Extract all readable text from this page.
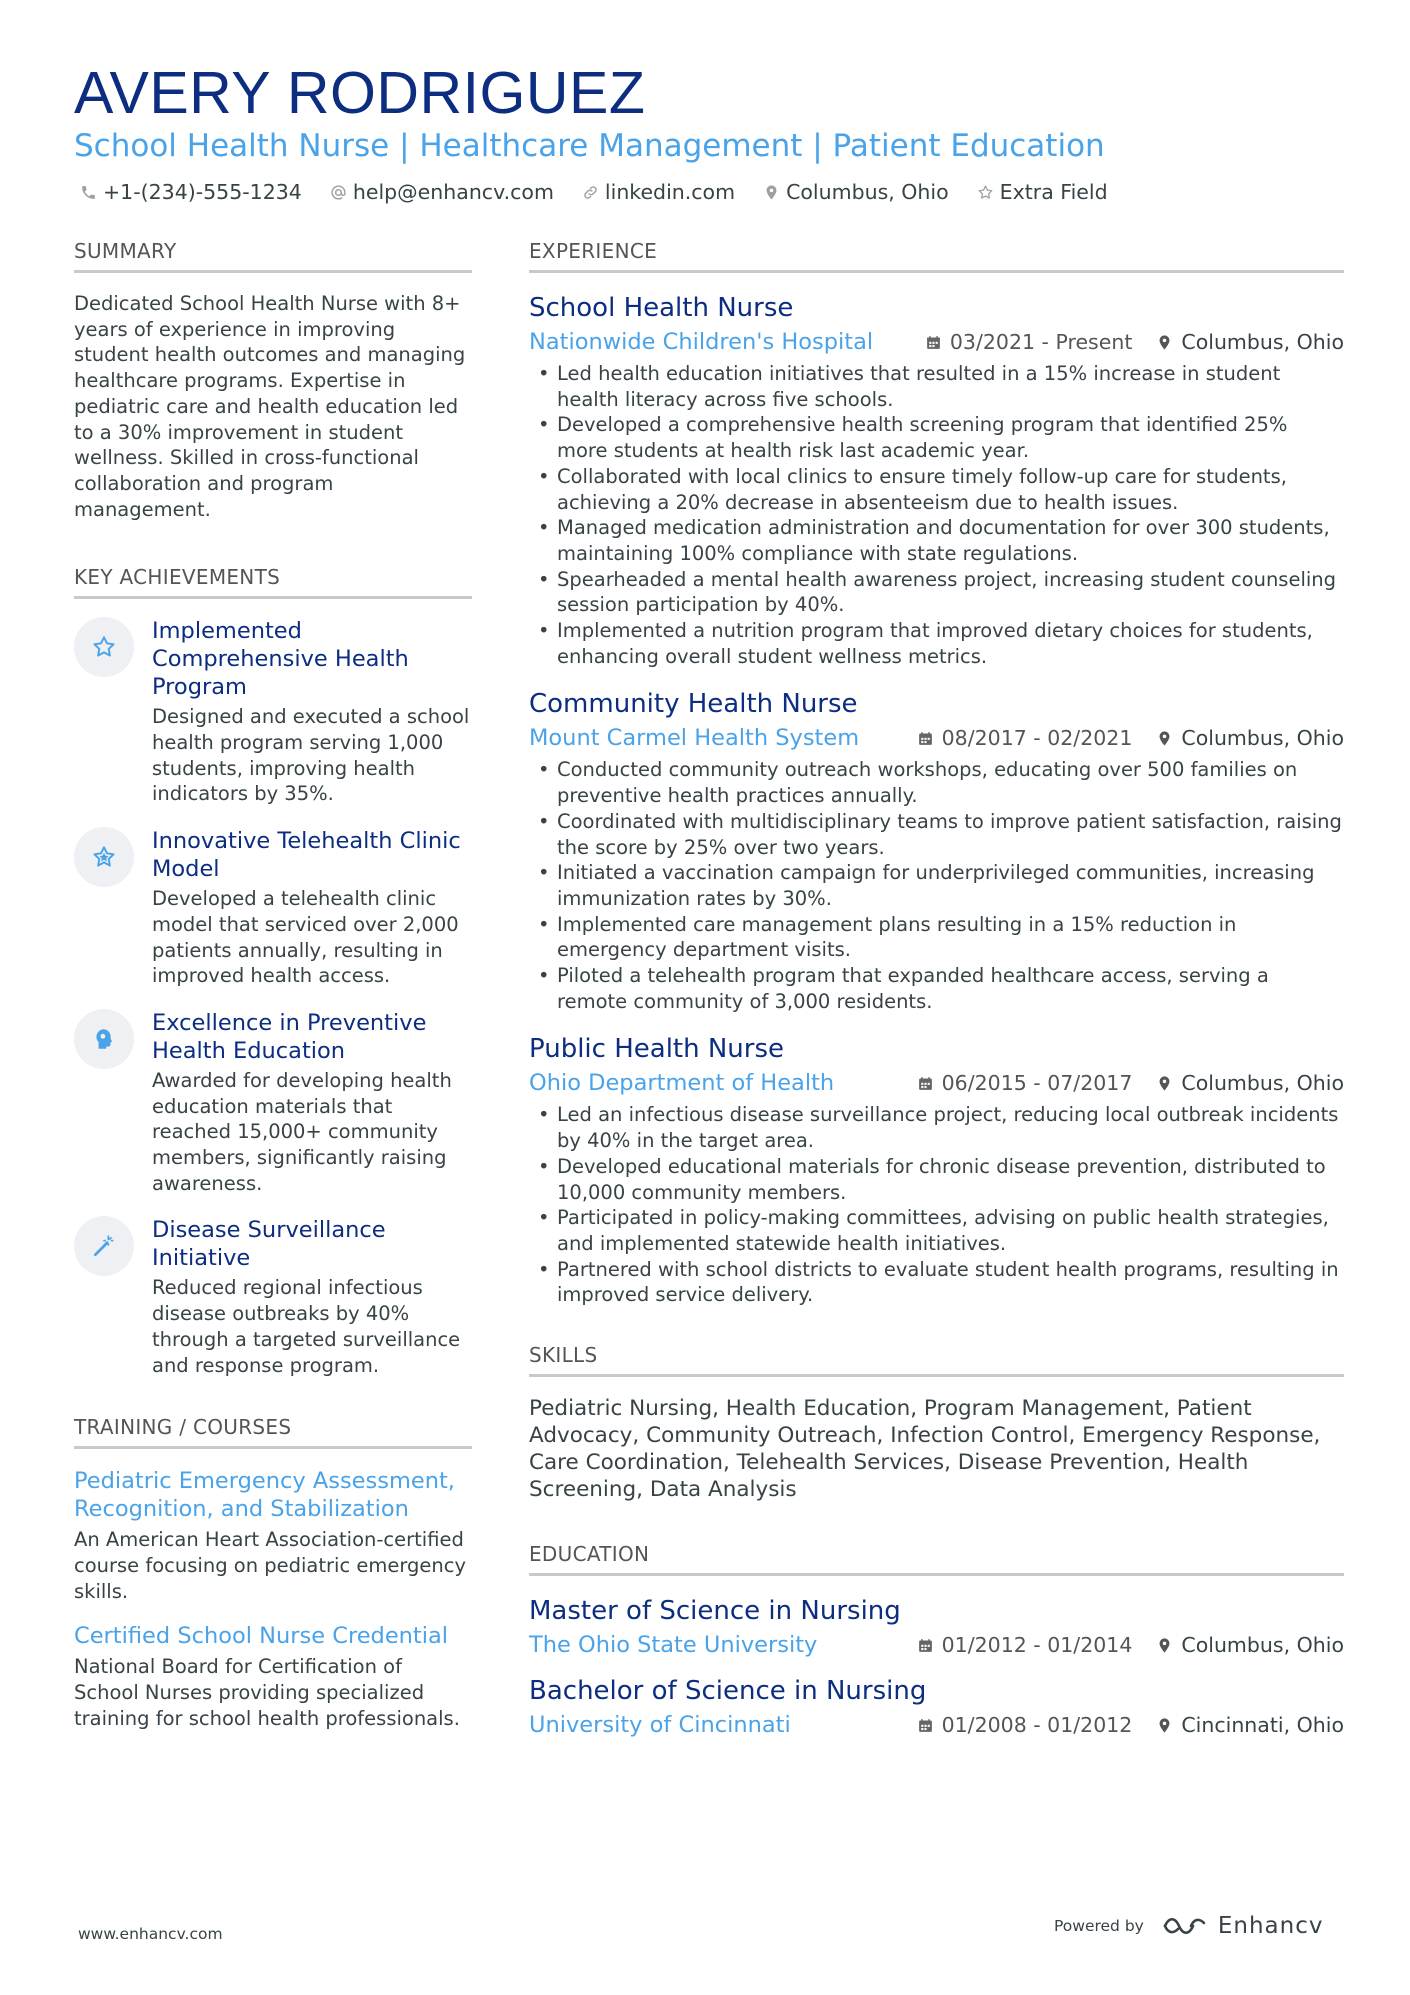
AVERY RODRIGUEZ
School Health Nurse | Healthcare Management | Patient Education
+1-(234)-555-1234 help@enhancv.com linkedin.com Columbus, Ohio Extra Field
SUMMARY

Dedicated School Health Nurse with 8+ years of experience in improving student health outcomes and managing healthcare programs. Expertise in pediatric care and health education led to a 30% improvement in student wellness. Skilled in cross-functional collaboration and program management.

KEY ACHIEVEMENTS

Implemented Comprehensive Health Program

Designed and executed a school health program serving 1,000 students, improving health indicators by 35%.

Innovative Telehealth Clinic Model

Developed a telehealth clinic model that serviced over 2,000 patients annually, resulting in improved health access.

Excellence in Preventive Health Education

Awarded for developing health education materials that reached 15,000+ community members, significantly raising awareness.

Disease Surveillance Initiative

Reduced regional infectious disease outbreaks by 40% through a targeted surveillance and response program.

TRAINING / COURSES

Pediatric Emergency Assessment, Recognition, and Stabilization

An American Heart Association-certified course focusing on pediatric emergency skills.

Certified School Nurse Credential

National Board for Certification of School Nurses providing specialized training for school health professionals.

EXPERIENCE

School Health Nurse

Nationwide Children's Hospital	03/2021 - Present Columbus, Ohio
• Led health education initiatives that resulted in a 15% increase in student health literacy across five schools.
• Developed a comprehensive health screening program that identified 25% more students at health risk last academic year.
• Collaborated with local clinics to ensure timely follow-up care for students, achieving a 20% decrease in absenteeism due to health issues.
• Managed medication administration and documentation for over 300 students, maintaining 100% compliance with state regulations.
• Spearheaded a mental health awareness project, increasing student counseling session participation by 40%.
• Implemented a nutrition program that improved dietary choices for students, enhancing overall student wellness metrics.

Community Health Nurse

Mount Carmel Health System	08/2017 - 02/2021 Columbus, Ohio
• Conducted community outreach workshops, educating over 500 families on preventive health practices annually.
• Coordinated with multidisciplinary teams to improve patient satisfaction, raising the score by 25% over two years.
• Initiated a vaccination campaign for underprivileged communities, increasing immunization rates by 30%.
• Implemented care management plans resulting in a 15% reduction in emergency department visits.
• Piloted a telehealth program that expanded healthcare access, serving a remote community of 3,000 residents.

Public Health Nurse

Ohio Department of Health	06/2015 - 07/2017 Columbus, Ohio
• Led an infectious disease surveillance project, reducing local outbreak incidents by 40% in the target area.
• Developed educational materials for chronic disease prevention, distributed to 10,000 community members.
• Participated in policy-making committees, advising on public health strategies, and implemented statewide health initiatives.
• Partnered with school districts to evaluate student health programs, resulting in improved service delivery.
SKILLS

Pediatric Nursing, Health Education, Program Management, Patient Advocacy, Community Outreach, Infection Control, Emergency Response, Care Coordination, Telehealth Services, Disease Prevention, Health Screening, Data Analysis

EDUCATION

Master of Science in Nursing

The Ohio State University	01/2012 - 01/2014 Columbus, Ohio

Bachelor of Science in Nursing

University of Cincinnati	01/2008 - 01/2012 Cincinnati, Ohio
www.enhancv.com	Powered by	Enhancv
